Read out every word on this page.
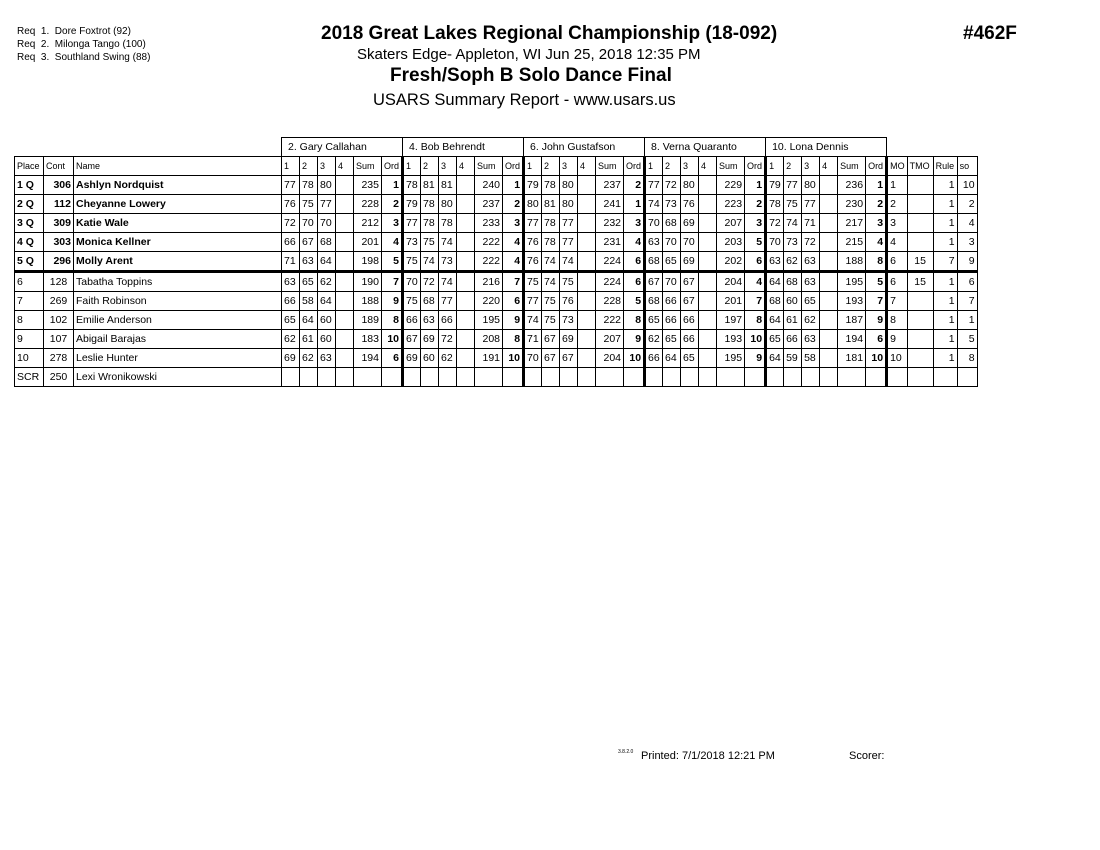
Req  1.  Dore Foxtrot (92)
Req  2.  Milonga Tango (100)
Req  3.  Southland Swing (88)
2018 Great Lakes Regional Championship (18-092)
Skaters Edge- Appleton, WI Jun 25, 2018 12:35 PM
Fresh/Soph B Solo Dance Final
USARS Summary Report - www.usars.us
#462F
			2. Gary Callahan						4. Bob Behrendt						6. John Gustafson						8. Verna Quaranto						10. Lona Dennis									
Place	Cont	Name	1	2	3	4	Sum	Ord	1	2	3	4	Sum	Ord	1	2	3	4	Sum	Ord	1	2	3	4	Sum	Ord	1	2	3	4	Sum	Ord	MO	TMO	Rule	so
1 Q	306	Ashlyn Nordquist	77	78	80		235	1	78	81	81		240	1	79	78	80		237	2	77	72	80		229	1	79	77	80		236	1	1		1	10
2 Q	112	Cheyanne Lowery	76	75	77		228	2	79	78	80		237	2	80	81	80		241	1	74	73	76		223	2	78	75	77		230	2	2		1	2
3 Q	309	Katie Wale	72	70	70		212	3	77	78	78		233	3	77	78	77		232	3	70	68	69		207	3	72	74	71		217	3	3		1	4
4 Q	303	Monica Kellner	66	67	68		201	4	73	75	74		222	4	76	78	77		231	4	63	70	70		203	5	70	73	72		215	4	4		1	3
5 Q	296	Molly Arent	71	63	64		198	5	75	74	73		222	4	76	74	74		224	6	68	65	69		202	6	63	62	63		188	8	6	15	7	9
6	128	Tabatha Toppins	63	65	62		190	7	70	72	74		216	7	75	74	75		224	6	67	70	67		204	4	64	68	63		195	5	6	15	1	6
7	269	Faith Robinson	66	58	64		188	9	75	68	77		220	6	77	75	76		228	5	68	66	67		201	7	68	60	65		193	7	7		1	7
8	102	Emilie Anderson	65	64	60		189	8	66	63	66		195	9	74	75	73		222	8	65	66	66		197	8	64	61	62		187	9	8		1	1
9	107	Abigail Barajas	62	61	60		183	10	67	69	72		208	8	71	67	69		207	9	62	65	66		193	10	65	66	63		194	6	9		1	5
10	278	Leslie Hunter	69	62	63		194	6	69	60	62		191	10	70	67	67		204	10	66	64	65		195	9	64	59	58		181	10	10		1	8
SCR	250	Lexi Wronikowski																																		
3.8.2.0 Printed: 7/1/2018 12:21 PM	Scorer:
